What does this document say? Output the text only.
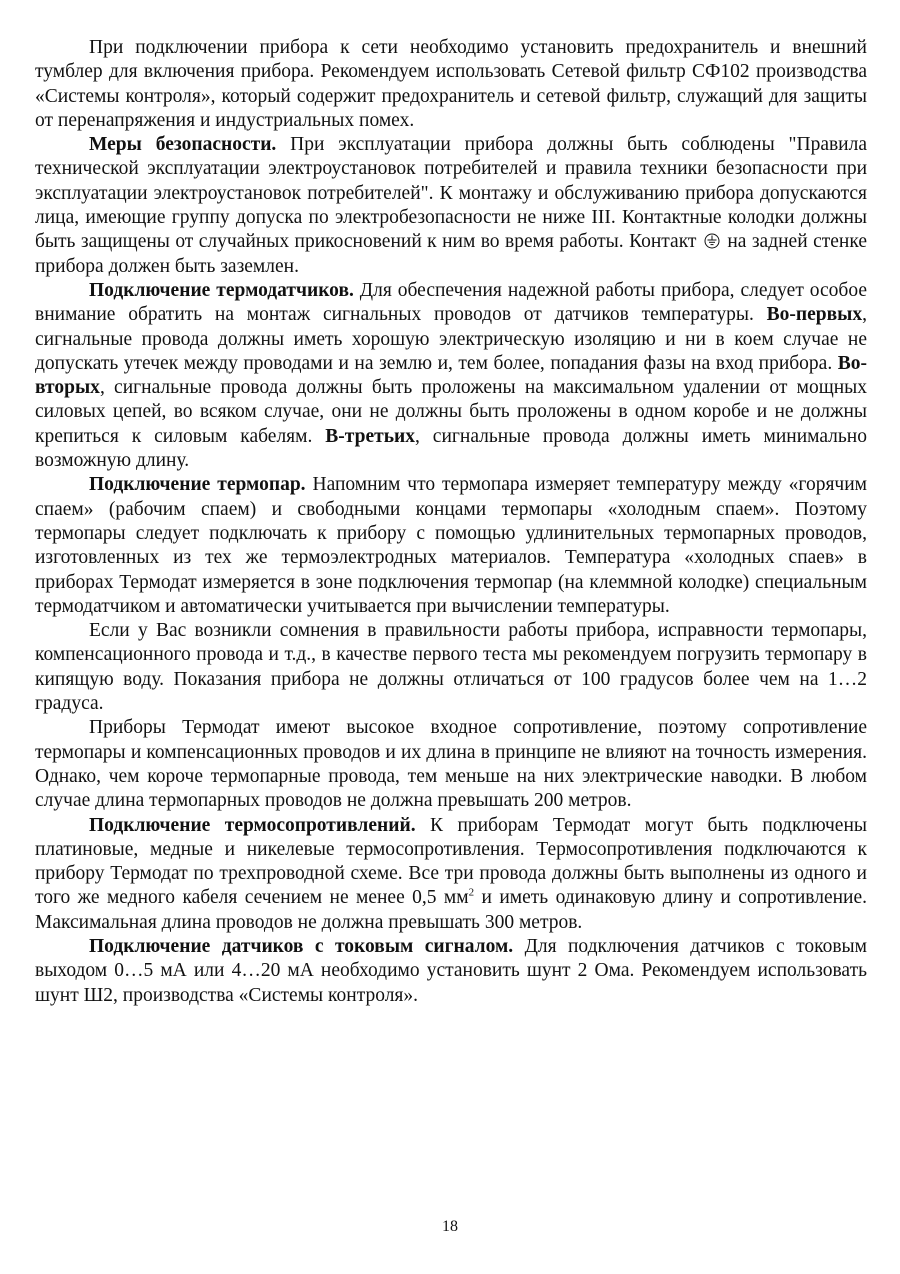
При подключении прибора к сети необходимо установить предохранитель и внешний тумблер для включения прибора. Рекомендуем использовать Сетевой фильтр СФ102 производства «Системы контроля», который содержит предохранитель и сетевой фильтр, служащий для защиты от перенапряжения и индустриальных помех.

Меры безопасности. При эксплуатации прибора должны быть соблюдены "Правила технической эксплуатации электроустановок потребителей и правила техники безопасности при эксплуатации электроустановок потребителей". К монтажу и обслуживанию прибора допускаются лица, имеющие группу допуска по электробезопасности не ниже III. Контактные колодки должны быть защищены от случайных прикосновений к ним во время работы. Контакт  на задней стенке прибора должен быть заземлен.

Подключение термодатчиков. Для обеспечения надежной работы прибора, следует особое внимание обратить на монтаж сигнальных проводов от датчиков температуры. Во-первых, сигнальные провода должны иметь хорошую электрическую изоляцию и ни в коем случае не допускать утечек между проводами и на землю и, тем более, попадания фазы на вход прибора. Во-вторых, сигнальные провода должны быть проложены на максимальном удалении от мощных силовых цепей, во всяком случае, они не должны быть проложены в одном коробе и не должны крепиться к силовым кабелям. В-третьих, сигнальные провода должны иметь минимально возможную длину.

Подключение термопар. Напомним что термопара измеряет температуру между «горячим спаем» (рабочим спаем) и свободными концами термопары «холодным спаем». Поэтому термопары следует подключать к прибору с помощью удлинительных термопарных проводов, изготовленных из тех же термоэлектродных материалов. Температура «холодных спаев» в приборах Термодат измеряется в зоне подключения термопар (на клеммной колодке) специальным термодатчиком и автоматически учитывается при вычислении температуры.

Если у Вас возникли сомнения в правильности работы прибора, исправности термопары, компенсационного провода и т.д., в качестве первого теста мы рекомендуем погрузить термопару в кипящую воду. Показания прибора не должны отличаться от 100 градусов более чем на 1…2 градуса.

Приборы Термодат имеют высокое входное сопротивление, поэтому сопротивление термопары и компенсационных проводов и их длина в принципе не влияют на точность измерения. Однако, чем короче термопарные провода, тем меньше на них электрические наводки. В любом случае длина термопарных проводов не должна превышать 200 метров.

Подключение термосопротивлений. К приборам Термодат могут быть подключены платиновые, медные и никелевые термосопротивления. Термосопротивления подключаются к прибору Термодат по трехпроводной схеме. Все три провода должны быть выполнены из одного и того же медного кабеля сечением не менее 0,5 $мм^2$ и иметь одинаковую длину и сопротивление. Максимальная длина проводов не должна превышать 300 метров.

Подключение датчиков с токовым сигналом. Для подключения датчиков с токовым выходом 0…5 мА или 4…20 мА необходимо установить шунт 2 Ома. Рекомендуем использовать шунт Ш2, производства «Системы контроля».

18
